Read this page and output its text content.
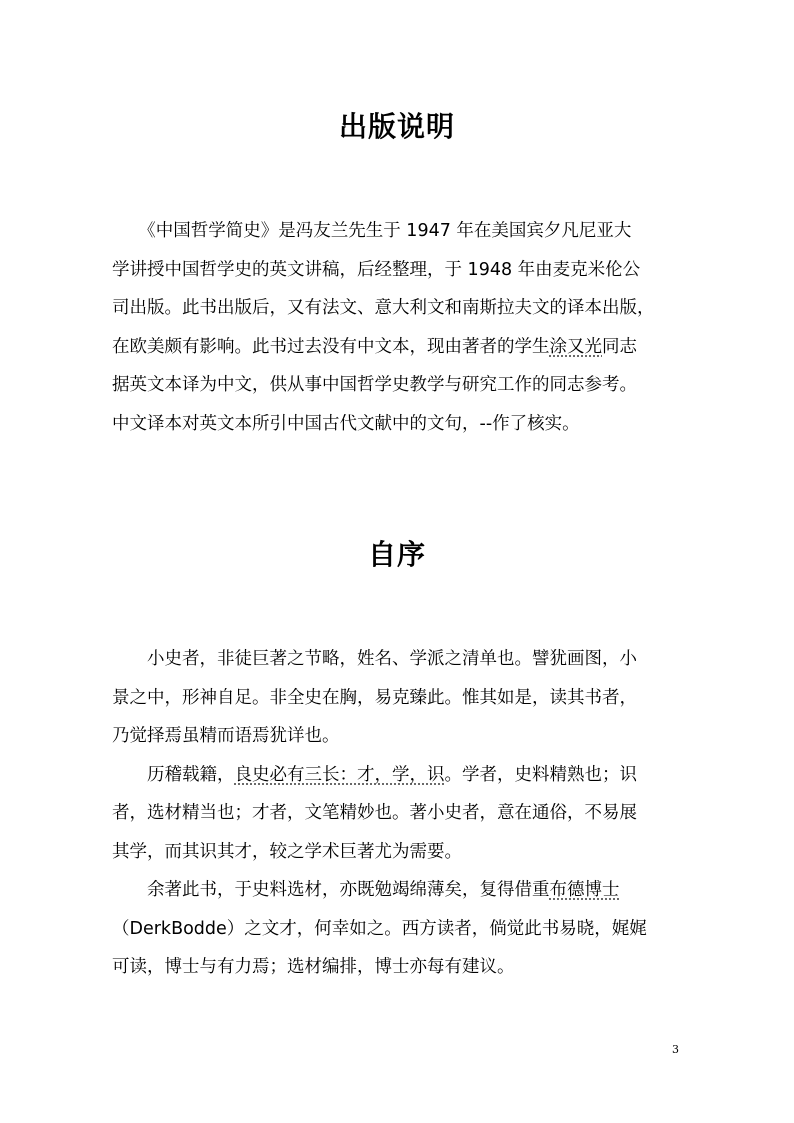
出版说明
　　《中国哲学简史》是冯友兰先生于 1947 年在美国宾夕凡尼亚大
学讲授中国哲学史的英文讲稿，后经整理，于 1948 年由麦克米伦公
司出版。此书出版后，又有法文、意大利文和南斯拉夫文的译本出版，
在欧美颇有影响。此书过去没有中文本，现由著者的学生涂又光同志
据英文本译为中文，供从事中国哲学史教学与研究工作的同志参考。
中文译本对英文本所引中国古代文献中的文句，--作了核实。
自序
　　小史者，非徒巨著之节略，姓名、学派之清单也。譬犹画图，小
景之中，形神自足。非全史在胸，易克臻此。惟其如是，读其书者，
乃觉择焉虽精而语焉犹详也。
　　历稽载籍，良史必有三长：才，学，识。学者，史料精熟也；识
者，选材精当也；才者，文笔精妙也。著小史者，意在通俗，不易展
其学，而其识其才，较之学术巨著尤为需要。
　　余著此书，于史料选材，亦既勉竭绵薄矣，复得借重布德博士
（DerkBodde）之文才，何幸如之。西方读者，倘觉此书易晓，娓娓
可读，博士与有力焉；选材编排，博士亦每有建议。
3
